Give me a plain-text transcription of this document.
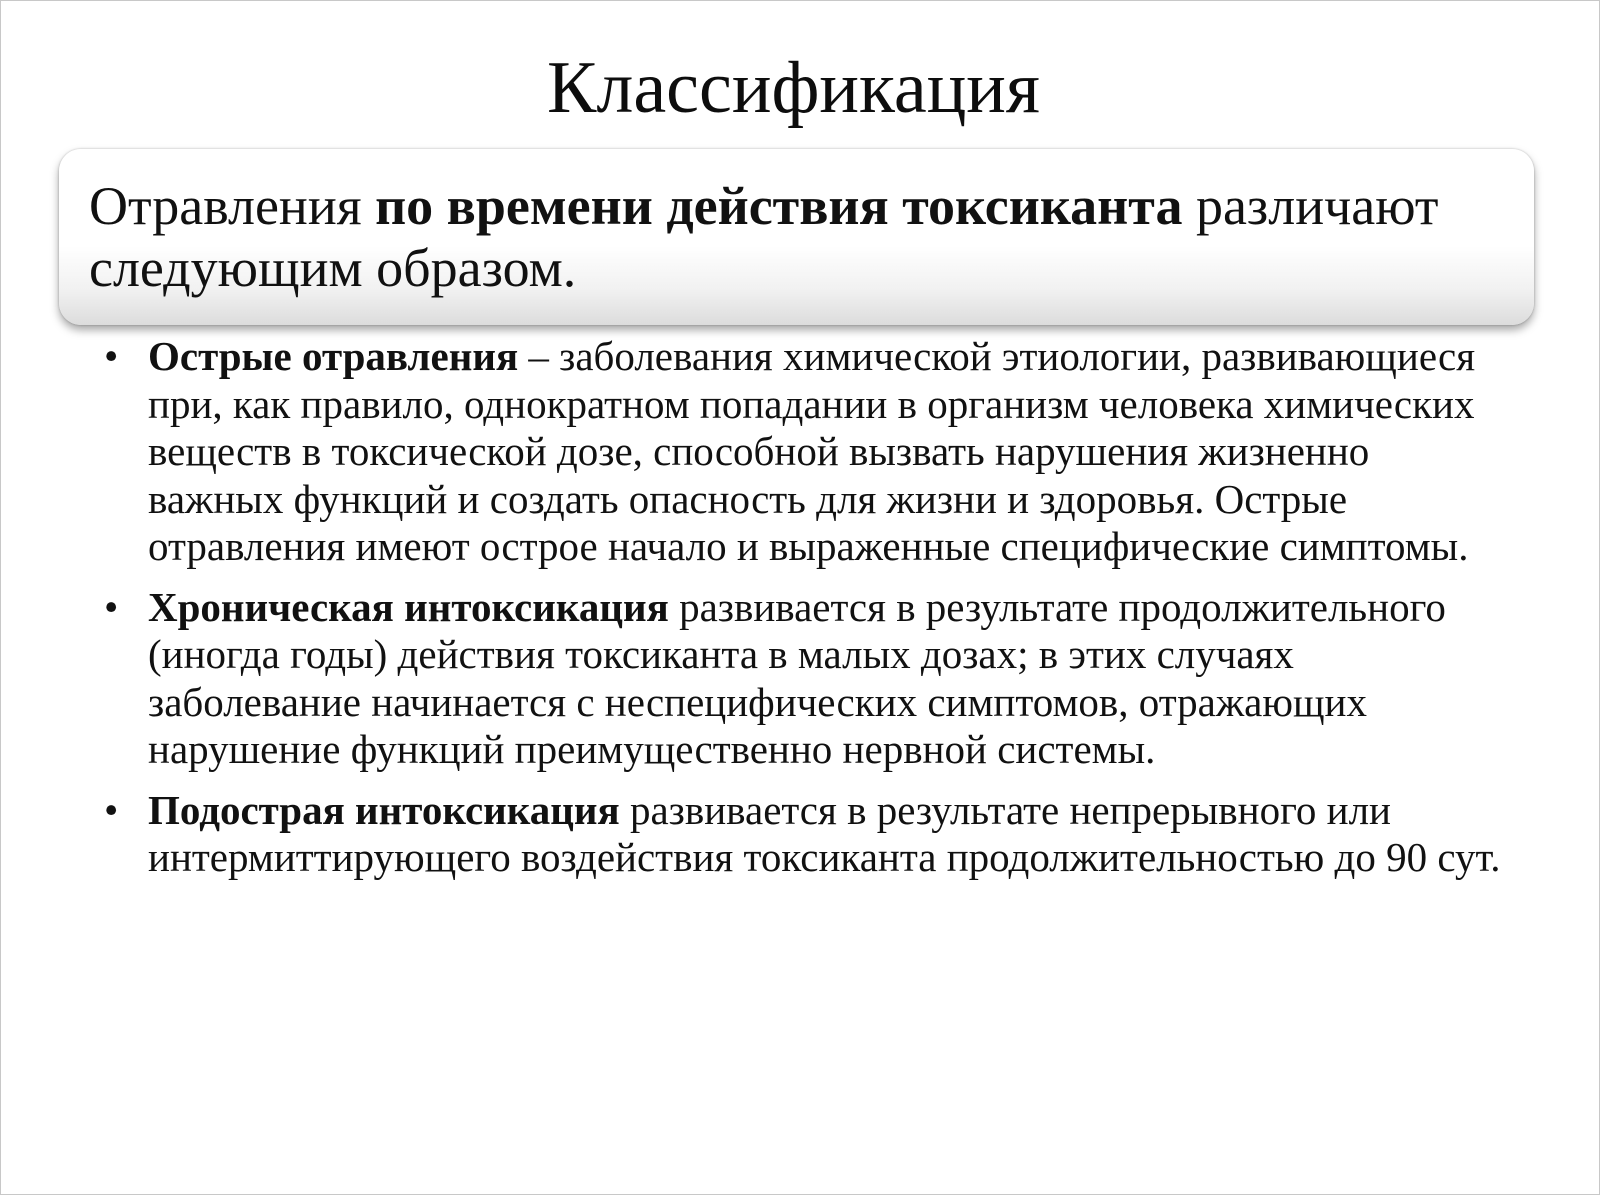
Классификация
Отравления по времени действия токсиканта различают следующим образом.
• Острые отравления – заболевания химической этиологии, развивающиеся при, как правило, однократном попадании в организм человека химических веществ в токсической дозе, способной вызвать нарушения жизненно важных функций и создать опасность для жизни и здоровья. Острые отравления имеют острое начало и выраженные специфические симптомы.
• Хроническая интоксикация развивается в результате продолжительного (иногда годы) действия токсиканта в малых дозах; в этих случаях заболевание начинается с неспецифических симптомов, отражающих нарушение функций преимущественно нервной системы.
• Подострая интоксикация развивается в результате непрерывного или интермиттирующего воздействия токсиканта продолжительностью до 90 сут.
